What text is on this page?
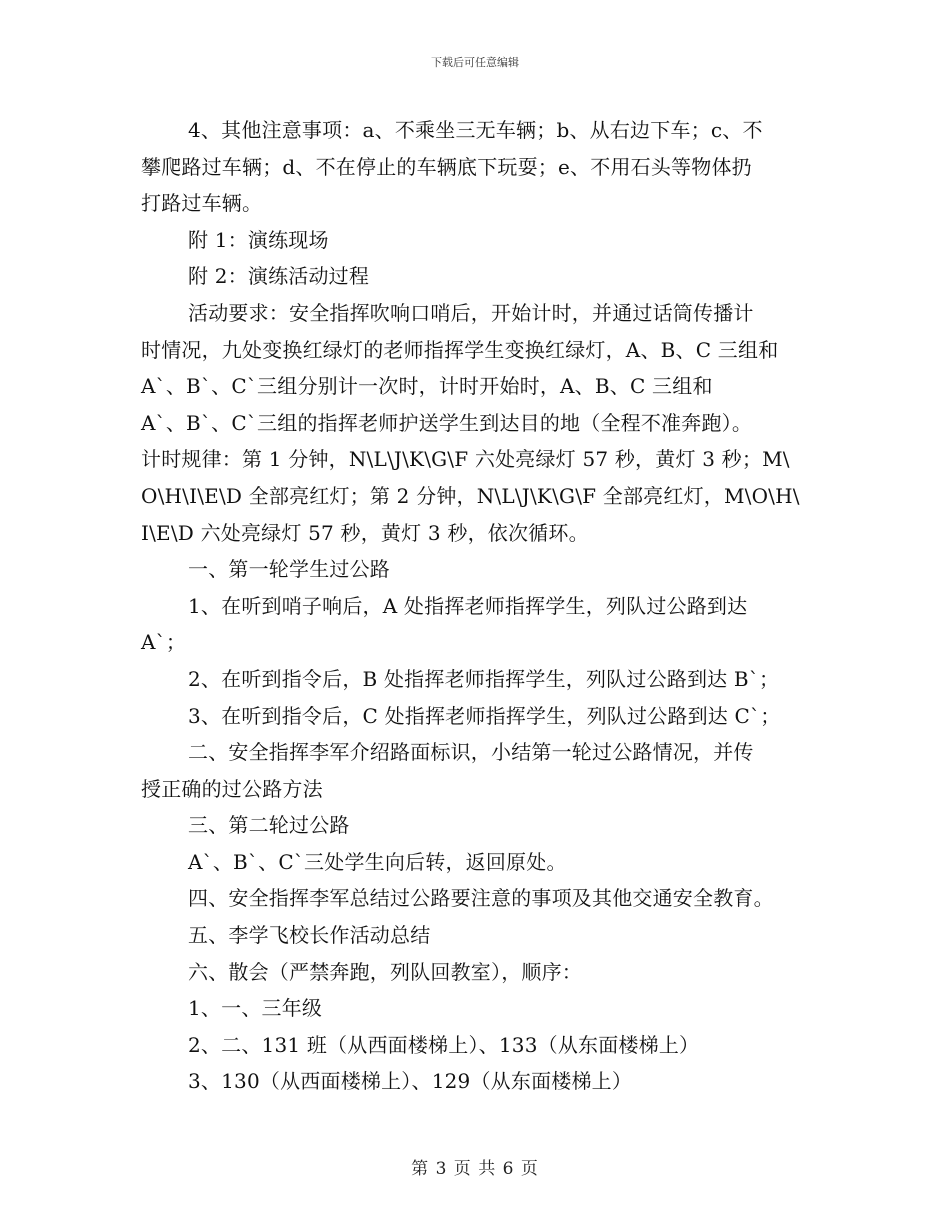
下载后可任意编辑

4、其他注意事项：a、不乘坐三无车辆；b、从右边下车；c、不

攀爬路过车辆；d、不在停止的车辆底下玩耍；e、不用石头等物体扔

打路过车辆。

附 1：演练现场

附 2：演练活动过程

活动要求：安全指挥吹响口哨后，开始计时，并通过话筒传播计

时情况，九处变换红绿灯的老师指挥学生变换红绿灯，A、B、C 三组和

A`、B`、C`三组分别计一次时，计时开始时，A、B、C 三组和

A`、B`、C`三组的指挥老师护送学生到达目的地（全程不准奔跑）。

计时规律：第 1 分钟，N\L\J\K\G\F 六处亮绿灯 57 秒，黄灯 3 秒；M\

O\H\I\E\D 全部亮红灯；第 2 分钟，N\L\J\K\G\F 全部亮红灯，M\O\H\

I\E\D 六处亮绿灯 57 秒，黄灯 3 秒，依次循环。

一、第一轮学生过公路

1、在听到哨子响后，A 处指挥老师指挥学生，列队过公路到达

A`；

2、在听到指令后，B 处指挥老师指挥学生，列队过公路到达 B`；

3、在听到指令后，C 处指挥老师指挥学生，列队过公路到达 C`；

二、安全指挥李军介绍路面标识，小结第一轮过公路情况，并传

授正确的过公路方法

三、第二轮过公路

A`、B`、C`三处学生向后转，返回原处。

四、安全指挥李军总结过公路要注意的事项及其他交通安全教育。

五、李学飞校长作活动总结

六、散会（严禁奔跑，列队回教室），顺序：

1、一、三年级

2、二、131 班（从西面楼梯上）、133（从东面楼梯上）

3、130（从西面楼梯上）、129（从东面楼梯上）

第 3 页 共 6 页
